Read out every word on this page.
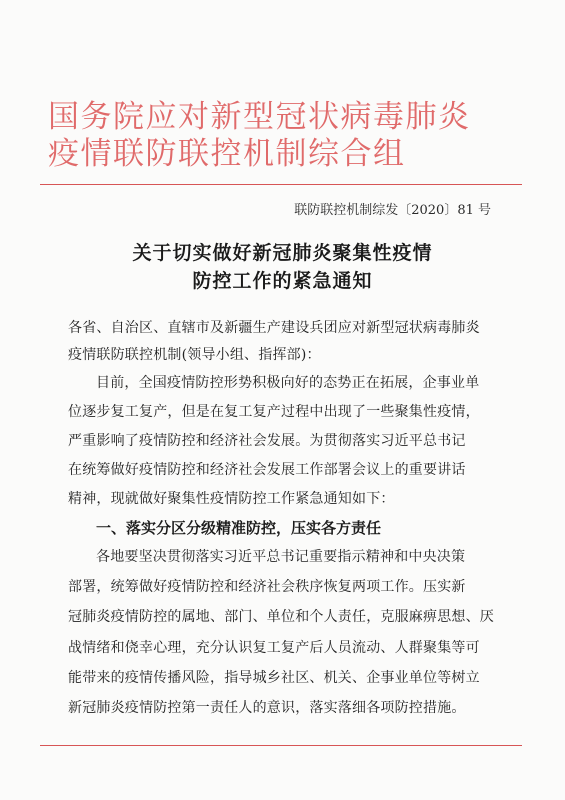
国务院应对新型冠状病毒肺炎
疫情联防联控机制综合组
联防联控机制综发〔2020〕81 号
关于切实做好新冠肺炎聚集性疫情
防控工作的紧急通知
各省、自治区、直辖市及新疆生产建设兵团应对新型冠状病毒肺炎
疫情联防联控机制(领导小组、指挥部)：
目前，全国疫情防控形势积极向好的态势正在拓展，企事业单
位逐步复工复产，但是在复工复产过程中出现了一些聚集性疫情，
严重影响了疫情防控和经济社会发展。为贯彻落实习近平总书记
在统筹做好疫情防控和经济社会发展工作部署会议上的重要讲话
精神，现就做好聚集性疫情防控工作紧急通知如下：
一、落实分区分级精准防控，压实各方责任
各地要坚决贯彻落实习近平总书记重要指示精神和中央决策
部署，统筹做好疫情防控和经济社会秩序恢复两项工作。压实新
冠肺炎疫情防控的属地、部门、单位和个人责任，克服麻痹思想、厌
战情绪和侥幸心理，充分认识复工复产后人员流动、人群聚集等可
能带来的疫情传播风险，指导城乡社区、机关、企事业单位等树立
新冠肺炎疫情防控第一责任人的意识，落实落细各项防控措施。
